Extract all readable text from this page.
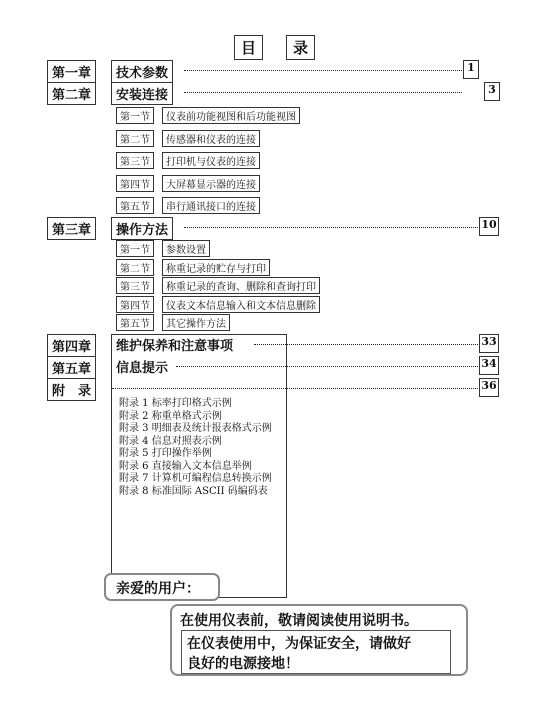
目	录
第一章	技术参数	1
第二章	安装连接	3
第一节	仪表前功能视图和后功能视图
第二节	传感器和仪表的连接
第三节	打印机与仪表的连接
第四节	大屏幕显示器的连接
第五节	串行通讯接口的连接
第三章	操作方法	10
第一节	参数设置
第二节	称重记录的贮存与打印
第三节	称重记录的查询、删除和查询打印
第四节	仪表文本信息输入和文本信息删除
第五节	其它操作方法
第四章	维护保养和注意事项	33
第五章	信息提示	34
附　录	36
附录 1 标率打印格式示例
附录 2 称重单格式示例
附录 3 明细表及统计报表格式示例
附录 4 信息对照表示例
附录 5 打印操作举例
附录 6 直接输入文本信息举例
附录 7 计算机可编程信息转换示例
附录 8 标准国际 ASCII 码编码表
亲爱的用户：
在使用仪表前，敬请阅读使用说明书。
在仪表使用中，为保证安全，请做好
良好的电源接地！
